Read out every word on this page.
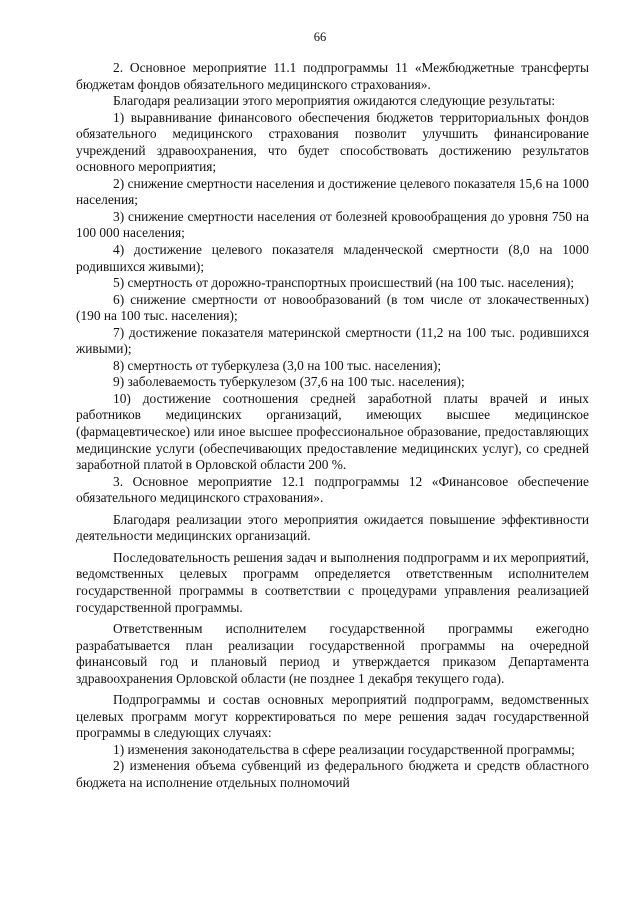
66

2. Основное мероприятие 11.1 подпрограммы 11 «Межбюджетные трансферты бюджетам фондов обязательного медицинского страхования».

Благодаря реализации этого мероприятия ожидаются следующие результаты:

1) выравнивание финансового обеспечения бюджетов территориальных фондов обязательного медицинского страхования позволит улучшить финансирование учреждений здравоохранения, что будет способствовать достижению результатов основного мероприятия;

2) снижение смертности населения и достижение целевого показателя 15,6 на 1000 населения;

3) снижение смертности населения от болезней кровообращения до уровня 750 на 100 000 населения;

4) достижение целевого показателя младенческой смертности (8,0 на 1000 родившихся живыми);

5) смертность от дорожно-транспортных происшествий (на 100 тыс. населения);

6) снижение смертности от новообразований (в том числе от злокачественных) (190 на 100 тыс. населения);

7) достижение показателя материнской смертности (11,2 на 100 тыс. родившихся живыми);

8) смертность от туберкулеза (3,0 на 100 тыс. населения);

9) заболеваемость туберкулезом (37,6 на 100 тыс. населения);

10) достижение соотношения средней заработной платы врачей и иных работников медицинских организаций, имеющих высшее медицинское (фармацевтическое) или иное высшее профессиональное образование, предоставляющих медицинские услуги (обеспечивающих предоставление медицинских услуг), со средней заработной платой в Орловской области 200 %.

3. Основное мероприятие 12.1 подпрограммы 12 «Финансовое обеспечение обязательного медицинского страхования».

Благодаря реализации этого мероприятия ожидается повышение эффективности деятельности медицинских организаций.

Последовательность решения задач и выполнения подпрограмм и их мероприятий, ведомственных целевых программ определяется ответственным исполнителем государственной программы в соответствии с процедурами управления реализацией государственной программы.

Ответственным исполнителем государственной программы ежегодно разрабатывается план реализации государственной программы на очередной финансовый год и плановый период и утверждается приказом Департамента здравоохранения Орловской области (не позднее 1 декабря текущего года).

Подпрограммы и состав основных мероприятий подпрограмм, ведомственных целевых программ могут корректироваться по мере решения задач государственной программы в следующих случаях:

1) изменения законодательства в сфере реализации государственной программы;

2) изменения объема субвенций из федерального бюджета и средств областного бюджета на исполнение отдельных полномочий
